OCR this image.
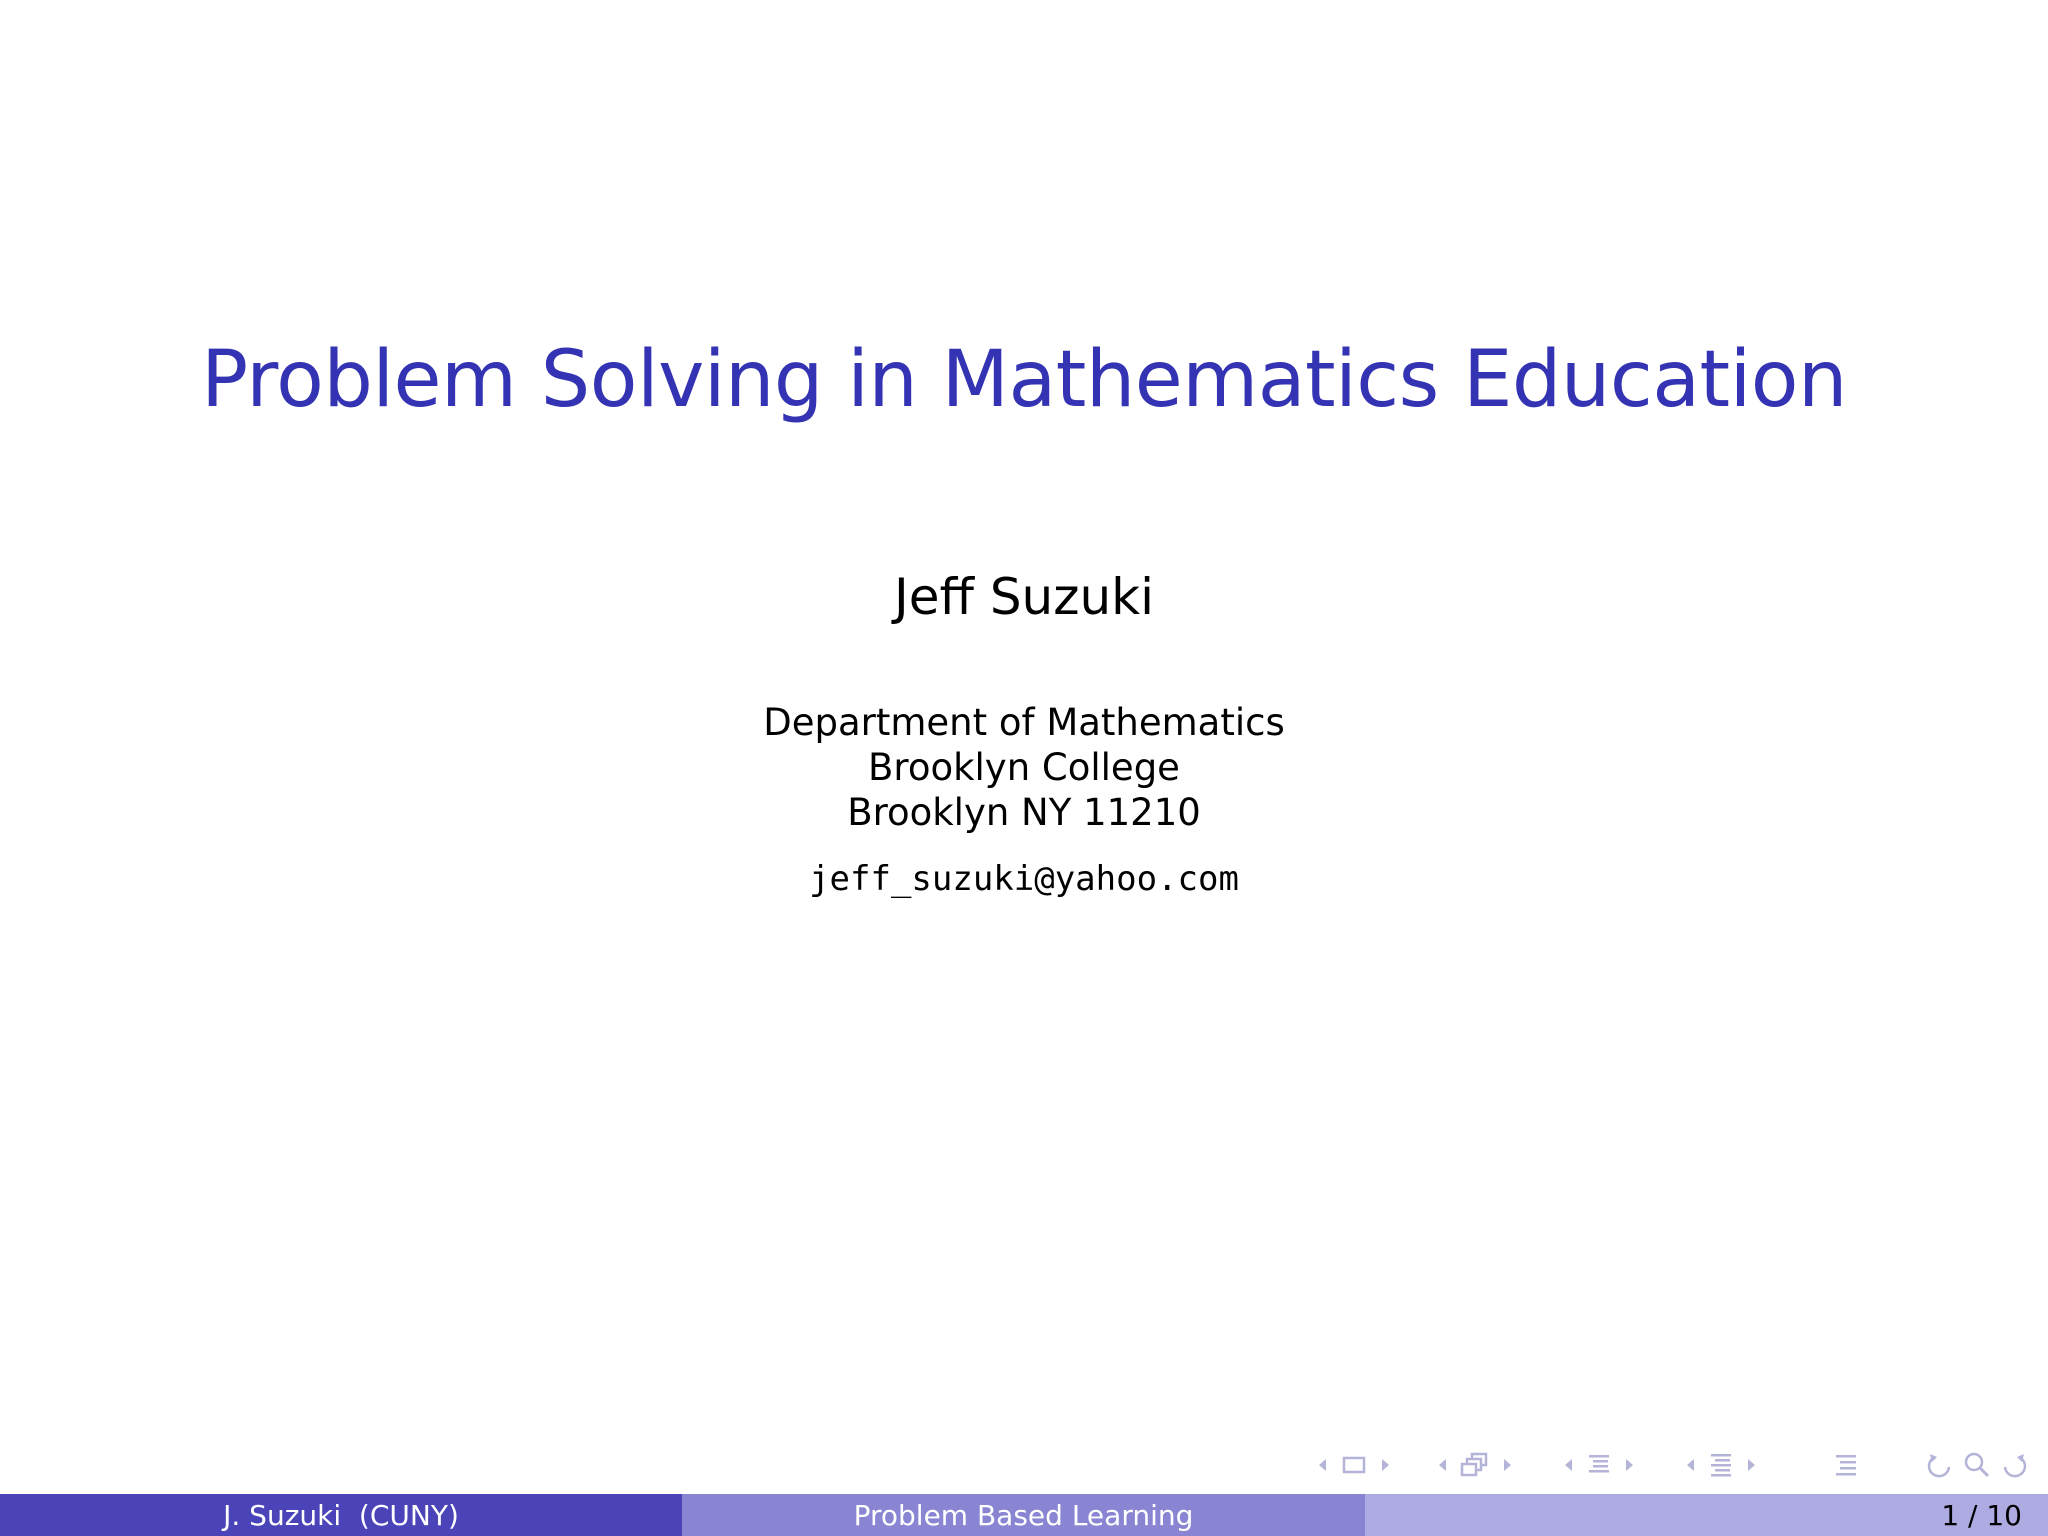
Problem Solving in Mathematics Education
Jeff Suzuki
Department of Mathematics
Brooklyn College
Brooklyn NY 11210
jeff_suzuki@yahoo.com
J. Suzuki  (CUNY)	Problem Based Learning	1 / 10
